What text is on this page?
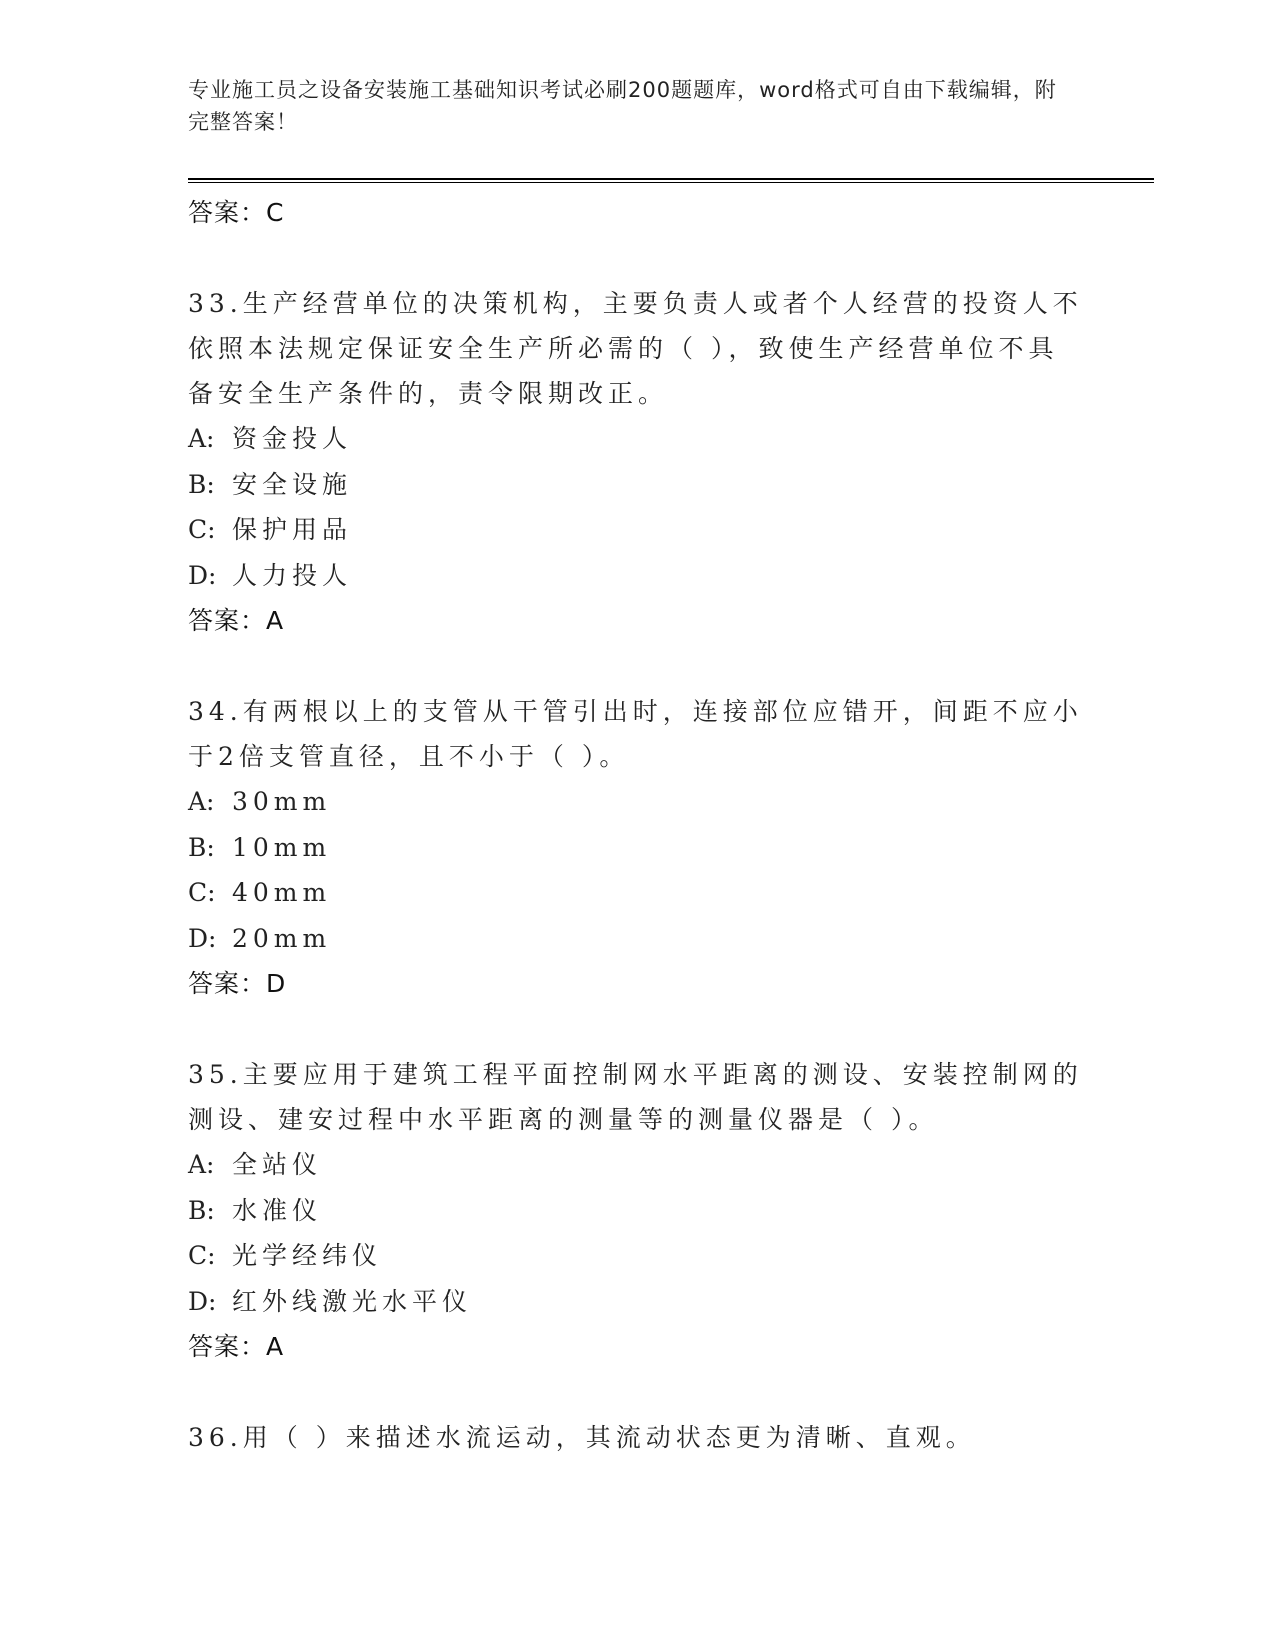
专业施工员之设备安装施工基础知识考试必刷200题题库，word格式可自由下载编辑，附完整答案！
答案：C
33.生产经营单位的决策机构，主要负责人或者个人经营的投资人不依照本法规定保证安全生产所必需的（ ），致使生产经营单位不具备安全生产条件的，责令限期改正。
A: 资金投人
B: 安全设施
C: 保护用品
D: 人力投人
答案：A
34.有两根以上的支管从干管引出时，连接部位应错开，间距不应小于2倍支管直径，且不小于（ ）。
A: 30mm
B: 10mm
C: 40mm
D: 20mm
答案：D
35.主要应用于建筑工程平面控制网水平距离的测设、安装控制网的测设、建安过程中水平距离的测量等的测量仪器是（ ）。
A: 全站仪
B: 水准仪
C: 光学经纬仪
D: 红外线激光水平仪
答案：A
36.用（ ）来描述水流运动，其流动状态更为清晰、直观。
